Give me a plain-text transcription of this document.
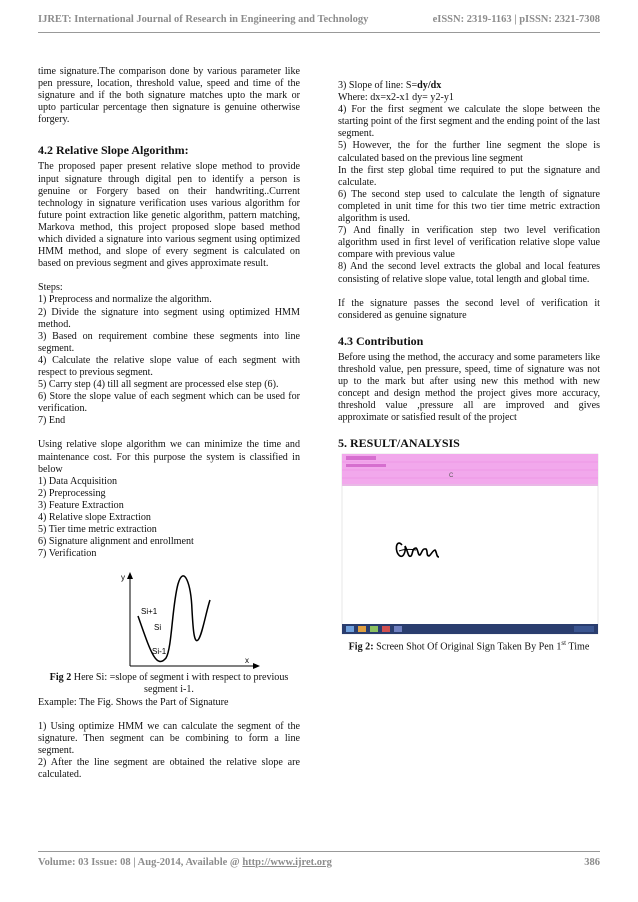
IJRET: International Journal of Research in Engineering and Technology	eISSN: 2319-1163 | pISSN: 2321-7308

time signature.The comparison done by various parameter like pen pressure, location, threshold value, speed and time of the signature and if the both signature matches upto the mark or upto particular percentage then signature is genuine otherwise forgery.

4.2 Relative Slope Algorithm:

The proposed paper present relative slope method to provide input signature through digital pen to identify a person is genuine or Forgery based on their handwriting..Current technology in signature verification uses various algorithm for future point extraction like genetic algorithm, pattern matching, Markova method, this project proposed slope based method which divided a signature into various segment using optimized HMM method, and slope of every segment is calculated on based on previous segment and gives approximate result.

Steps:

1) Preprocess and normalize the algorithm.

2) Divide the signature into segment using optimized HMM method.

3) Based on requirement combine these segments into line segment.

4) Calculate the relative slope value of each segment with respect to previous segment.

5) Carry step (4) till all segment are processed else step (6).

6) Store the slope value of each segment which can be used for verification.

7) End

Using relative slope algorithm we can minimize the time and maintenance cost. For this purpose the system is classified in below

1) Data Acquisition

2) Preprocessing

3) Feature Extraction

4) Relative slope Extraction

5) Tier time metric extraction

6) Signature alignment and enrollment

7) Verification

y
x
Si+1
Si
Si-1

Fig 2 Here Si: =slope of segment i with respect to previous segment i-1.

Example: The Fig. Shows the Part of Signature

1) Using optimize HMM we can calculate the segment of the signature. Then segment can be combining to form a line segment.

2) After the line segment are obtained the relative slope are calculated.

3) Slope of line: S=dy/dx

Where: dx=x2-x1 dy= y2-y1

4) For the first segment we calculate the slope between the starting point of the first segment and the ending point of the last segment.

5) However, the for the further line segment the slope is calculated based on the previous line segment

In the first step global time required to put the signature and calculate.

6) The second step used to calculate the length of signature completed in unit time for this two tier time metric extraction algorithm is used.

7) And finally in verification step two level verification algorithm used in first level of verification relative slope value compare with previous value

8) And the second level extracts the global and local features consisting of relative slope value, total length and global time.

If the signature passes the second level of verification it considered as genuine signature

4.3 Contribution

Before using the method, the accuracy and some parameters like threshold value, pen pressure, speed, time of signature was not up to the mark but after using new this method with new concept and design method the project gives more accuracy, threshold value ,pressure all are improved and gives approximate or satisfied result of the project

5. RESULT/ANALYSIS
C

Fig 2: Screen Shot Of Original Sign Taken By Pen 1st Time

Volume: 03 Issue: 08 | Aug-2014, Available @ http://www.ijret.org	386
